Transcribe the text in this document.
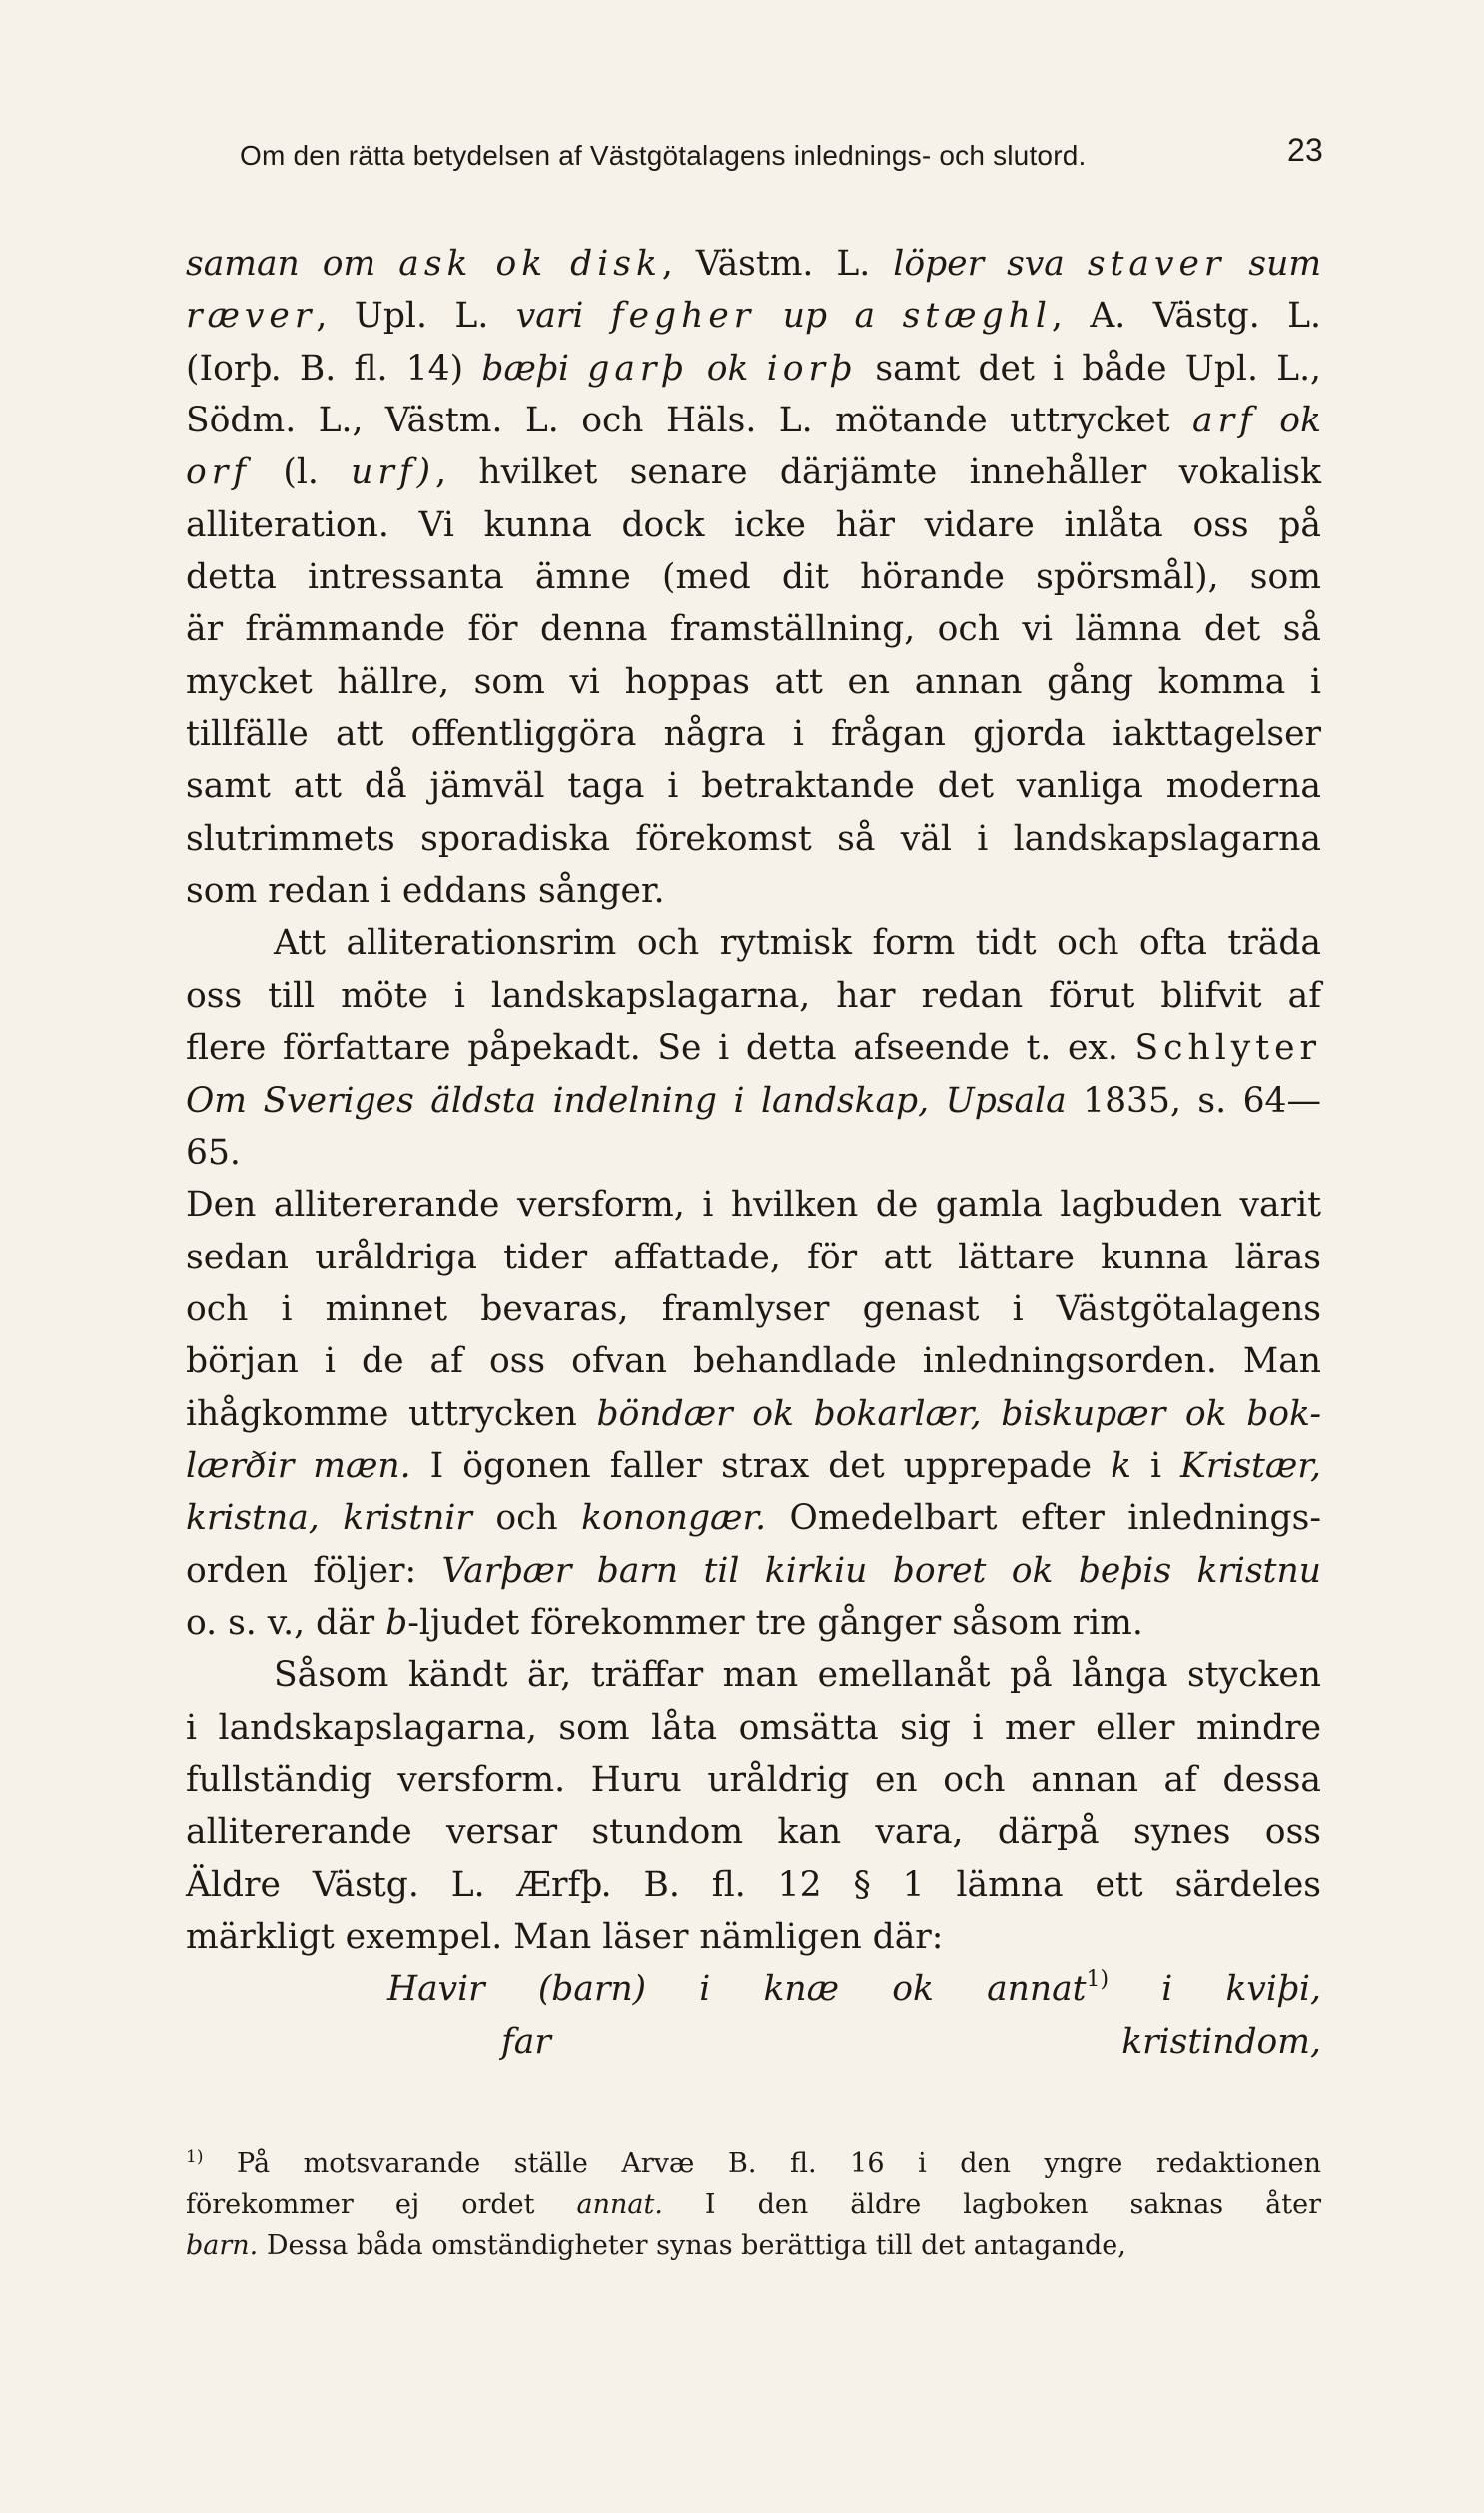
Om den rätta betydelsen af Västgötalagens inlednings- och slutord.	23

saman om ask ok disk, Västm. L. löper sva staver sum

ræver, Upl. L. vari fegher up a stæghl, A. Västg. L.

(Iorþ. B. fl. 14) bæþi garþ ok iorþ samt det i både Upl. L.,

Södm. L., Västm. L. och Häls. L. mötande uttrycket arf ok

orf (l. urf), hvilket senare därjämte innehåller vokalisk

alliteration. Vi kunna dock icke här vidare inlåta oss på

detta intressanta ämne (med dit hörande spörsmål), som

är främmande för denna framställning, och vi lämna det så

mycket hällre, som vi hoppas att en annan gång komma i

tillfälle att offentliggöra några i frågan gjorda iakttagelser

samt att då jämväl taga i betraktande det vanliga moderna

slutrimmets sporadiska förekomst så väl i landskapslagarna

som redan i eddans sånger.

Att alliterationsrim och rytmisk form tidt och ofta träda

oss till möte i landskapslagarna, har redan förut blifvit af

flere författare påpekadt. Se i detta afseende t. ex. Schlyter

Om Sveriges äldsta indelning i landskap, Upsala 1835, s. 64—65.

Den allitererande versform, i hvilken de gamla lagbuden varit

sedan uråldriga tider affattade, för att lättare kunna läras

och i minnet bevaras, framlyser genast i Västgötalagens

början i de af oss ofvan behandlade inledningsorden. Man

ihågkomme uttrycken böndær ok bokarlær, biskupær ok bok-

lærðir mæn. I ögonen faller strax det upprepade k i Kristær,

kristna, kristnir och konongær. Omedelbart efter inlednings-

orden följer: Varþær barn til kirkiu boret ok beþis kristnu

o. s. v., där b-ljudet förekommer tre gånger såsom rim.

Såsom kändt är, träffar man emellanåt på långa stycken

i landskapslagarna, som låta omsätta sig i mer eller mindre

fullständig versform. Huru uråldrig en och annan af dessa

allitererande versar stundom kan vara, därpå synes oss

Äldre Västg. L. Ærfþ. B. fl. 12 § 1 lämna ett särdeles

märkligt exempel. Man läser nämligen där:

Havir (barn) i knæ ok annat$^{1)}$ i kviþi,

far kristindom,

$^{1)}$ På motsvarande ställe Arvæ B. fl. 16 i den yngre redaktionen

förekommer ej ordet annat. I den äldre lagboken saknas åter

barn. Dessa båda omständigheter synas berättiga till det antagande,
